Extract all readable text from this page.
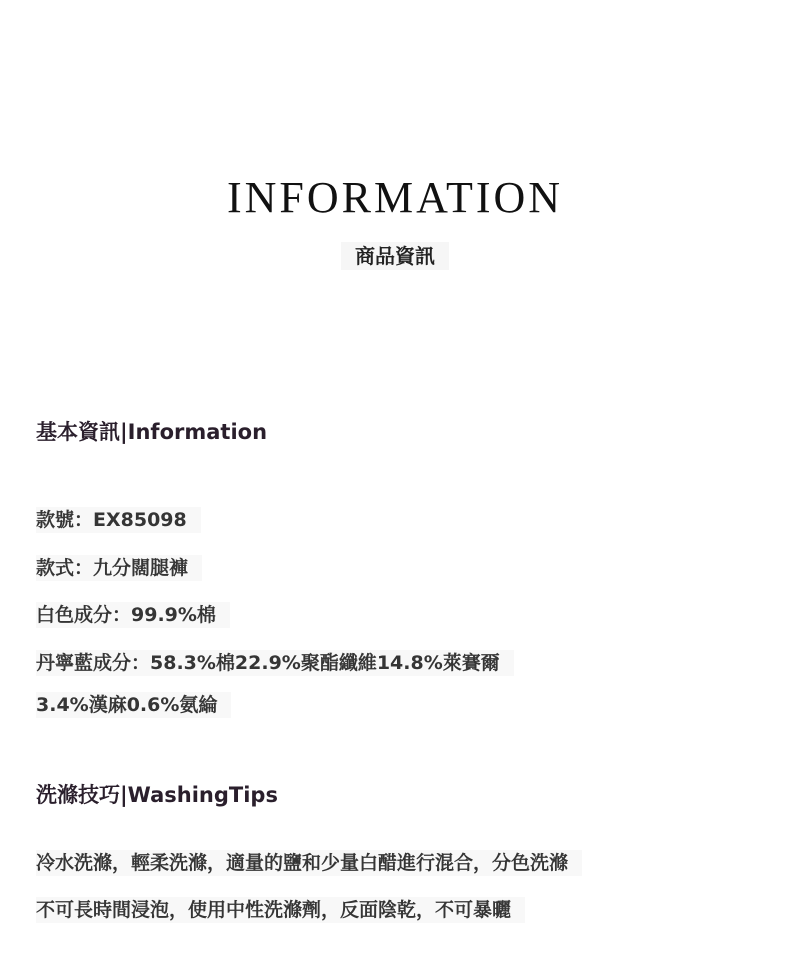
INFORMATION
商品資訊
基本資訊|Information
款號：EX85098
款式：九分闊腿褲
白色成分：99.9%棉
丹寧藍成分：58.3%棉22.9%聚酯纖維14.8%萊賽爾
3.4%漢麻0.6%氨綸
洗滌技巧|WashingTips
冷水洗滌，輕柔洗滌，適量的鹽和少量白醋進行混合，分色洗滌
不可長時間浸泡，使用中性洗滌劑，反面陰乾，不可暴曬
